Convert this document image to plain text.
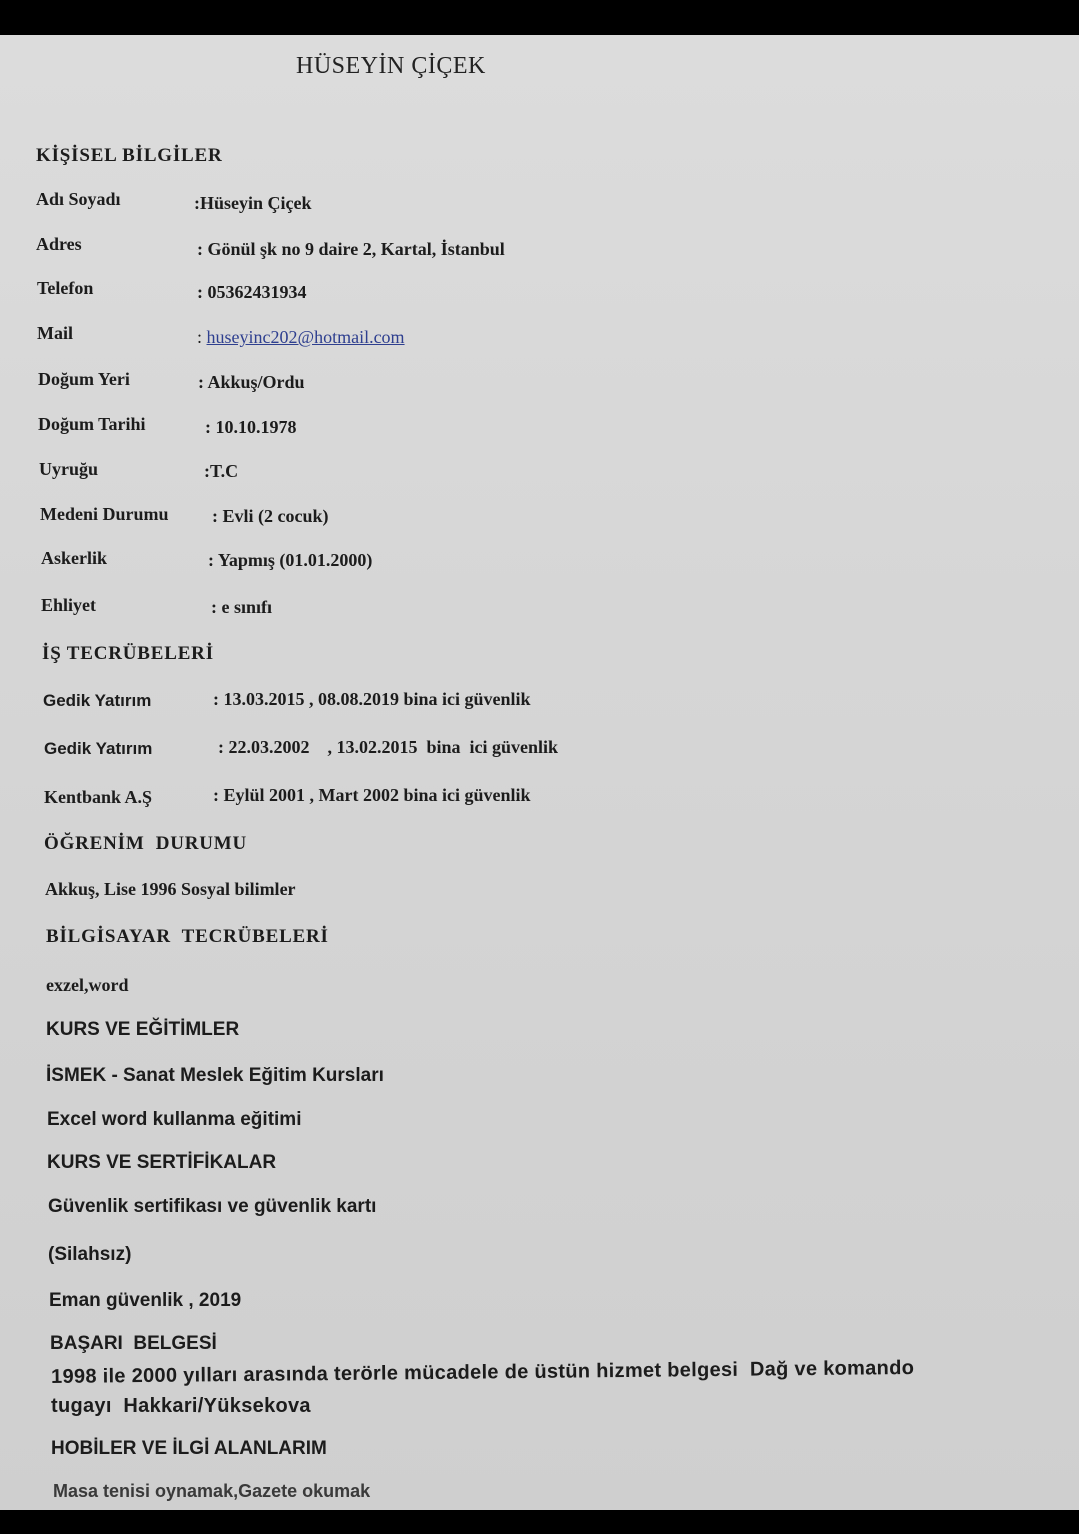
HÜSEYİN ÇİÇEK
KİŞİSEL BİLGİLER
Adı Soyadı	:Hüseyin Çiçek
Adres	: Gönül şk no 9 daire 2, Kartal, İstanbul
Telefon	: 05362431934
Mail	: huseyinc202@hotmail.com
Doğum Yeri	: Akkuş/Ordu
Doğum Tarihi	: 10.10.1978
Uyruğu	:T.C
Medeni Durumu : Evli (2 cocuk)
Askerlik	: Yapmış (01.01.2000)
Ehliyet	: e sınıfı
İŞ TECRÜBELERİ
Gedik Yatırım	: 13.03.2015 , 08.08.2019 bina ici güvenlik
Gedik Yatırım	: 22.03.2002    , 13.02.2015  bina  ici güvenlik
Kentbank A.Ş	: Eylül 2001 , Mart 2002 bina ici güvenlik
ÖĞRENİM  DURUMU
Akkuş, Lise 1996 Sosyal bilimler
BİLGİSAYAR  TECRÜBELERİ
exzel,word
KURS VE EĞİTİMLER
İSMEK - Sanat Meslek Eğitim Kursları
Excel word kullanma eğitimi
KURS VE SERTİFİKALAR
Güvenlik sertifikası ve güvenlik kartı
(Silahsız)
Eman güvenlik , 2019
BAŞARI  BELGESİ
1998 ile 2000 yılları arasında terörle mücadele de üstün hizmet belgesi  Dağ ve komando
tugayı  Hakkari/Yüksekova
HOBİLER VE İLGİ ALANLARIM
Masa tenisi oynamak,Gazete okumak
